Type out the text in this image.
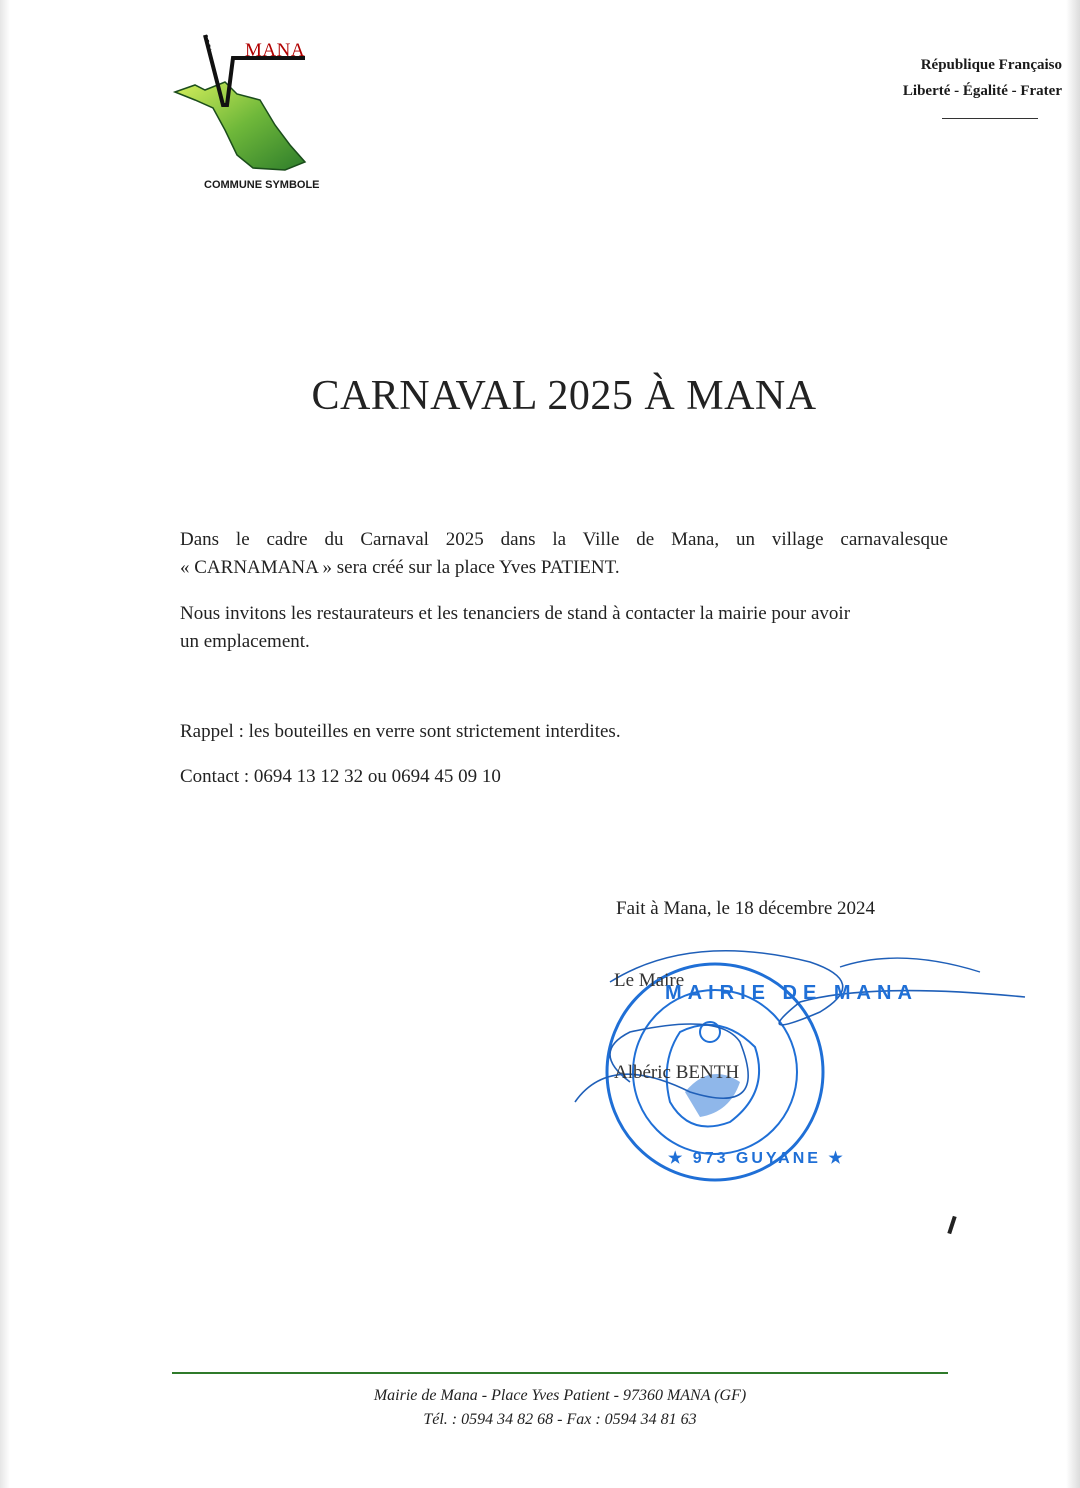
MANA
COMMUNE SYMBOLE
République Françaiso
Liberté - Égalité - Frater
CARNAVAL 2025 À MANA
Dans le cadre du Carnaval 2025 dans la Ville de Mana, un village carnavalesque
« CARNAMANA » sera créé sur la place Yves PATIENT.
Nous invitons les restaurateurs et les tenanciers de stand à contacter la mairie pour avoir
un emplacement.
Rappel : les bouteilles en verre sont strictement interdites.
Contact : 0694 13 12 32 ou 0694 45 09 10
Fait à Mana, le 18 décembre 2024
Le Maire
Albéric BENTH
MAIRIE DE MANA
★ 973 GUYANE ★
Mairie de Mana - Place Yves Patient - 97360 MANA (GF)
Tél. : 0594 34 82 68 - Fax : 0594 34 81 63
